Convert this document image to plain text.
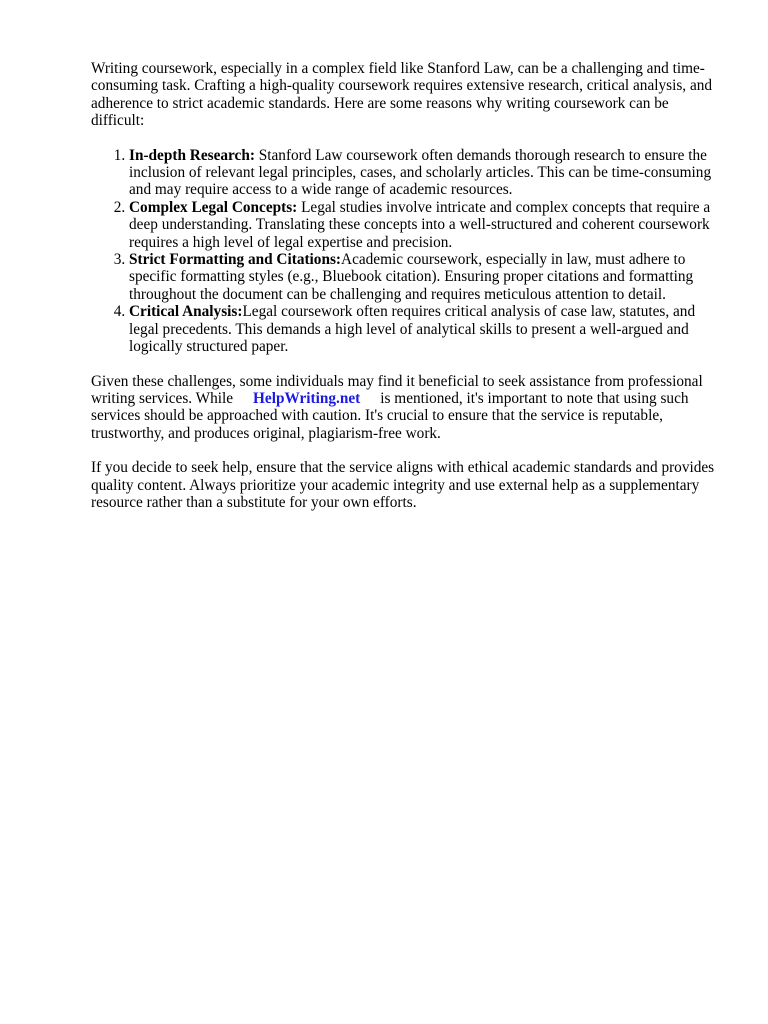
Writing coursework, especially in a complex field like Stanford Law, can be a challenging and time-consuming task. Crafting a high-quality coursework requires extensive research, critical analysis, and adherence to strict academic standards. Here are some reasons why writing coursework can be difficult:

1. In-depth Research: Stanford Law coursework often demands thorough research to ensure the inclusion of relevant legal principles, cases, and scholarly articles. This can be time-consuming and may require access to a wide range of academic resources.
2. Complex Legal Concepts: Legal studies involve intricate and complex concepts that require a deep understanding. Translating these concepts into a well-structured and coherent coursework requires a high level of legal expertise and precision.
3. Strict Formatting and Citations:Academic coursework, especially in law, must adhere to specific formatting styles (e.g., Bluebook citation). Ensuring proper citations and formatting throughout the document can be challenging and requires meticulous attention to detail.
4. Critical Analysis:Legal coursework often requires critical analysis of case law, statutes, and legal precedents. This demands a high level of analytical skills to present a well-argued and logically structured paper.

Given these challenges, some individuals may find it beneficial to seek assistance from professional writing services. While HelpWriting.net is mentioned, it's important to note that using such services should be approached with caution. It's crucial to ensure that the service is reputable, trustworthy, and produces original, plagiarism-free work.

If you decide to seek help, ensure that the service aligns with ethical academic standards and provides quality content. Always prioritize your academic integrity and use external help as a supplementary resource rather than a substitute for your own efforts.
